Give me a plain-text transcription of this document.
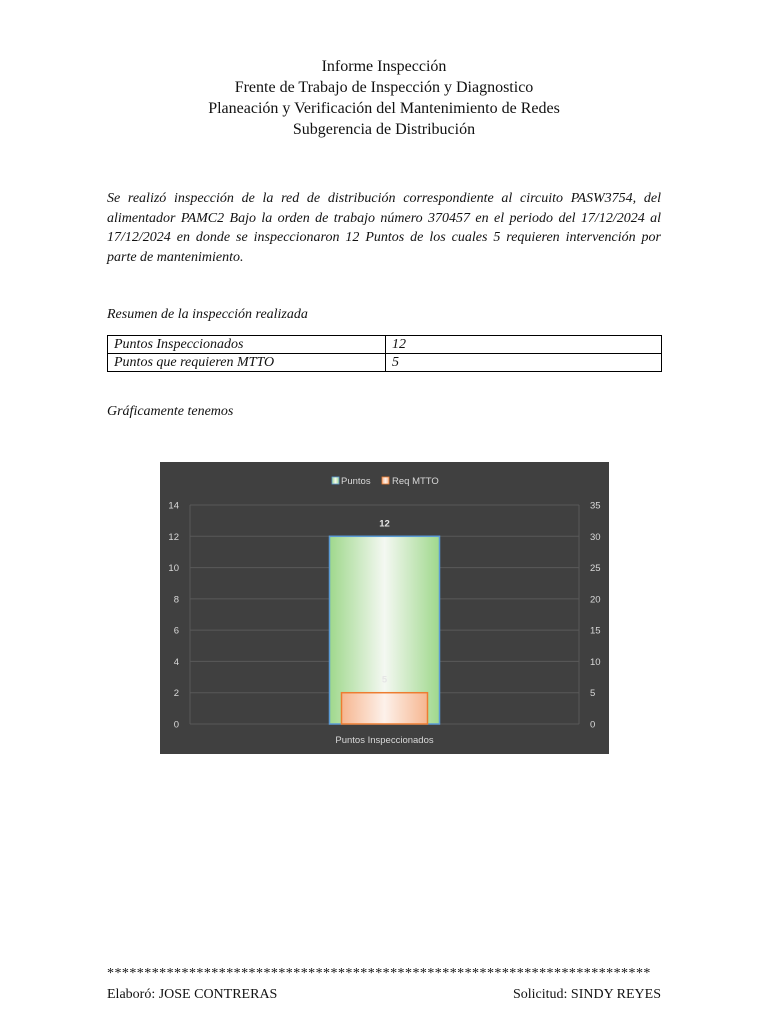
Informe Inspección
Frente de Trabajo de Inspección y Diagnostico
Planeación y Verificación del Mantenimiento de Redes
Subgerencia de Distribución

Se realizó inspección de la red de distribución correspondiente al circuito PASW3754, del alimentador PAMC2 Bajo la orden de trabajo número 370457 en el periodo del 17/12/2024 al 17/12/2024 en donde se inspeccionaron 12 Puntos de los cuales 5 requieren intervención por parte de mantenimiento.

Resumen de la inspección realizada
Puntos Inspeccionados	12
Puntos que requieren MTTO	5
Gráficamente tenemos
Puntos Req MTTO
0
2
4
6
8
10
12
14
0
5
10
15
20
25
30
35
12
5
Puntos Inspeccionados
*************************************************************************
Elaboró: JOSE CONTRERAS	Solicitud: SINDY REYES
